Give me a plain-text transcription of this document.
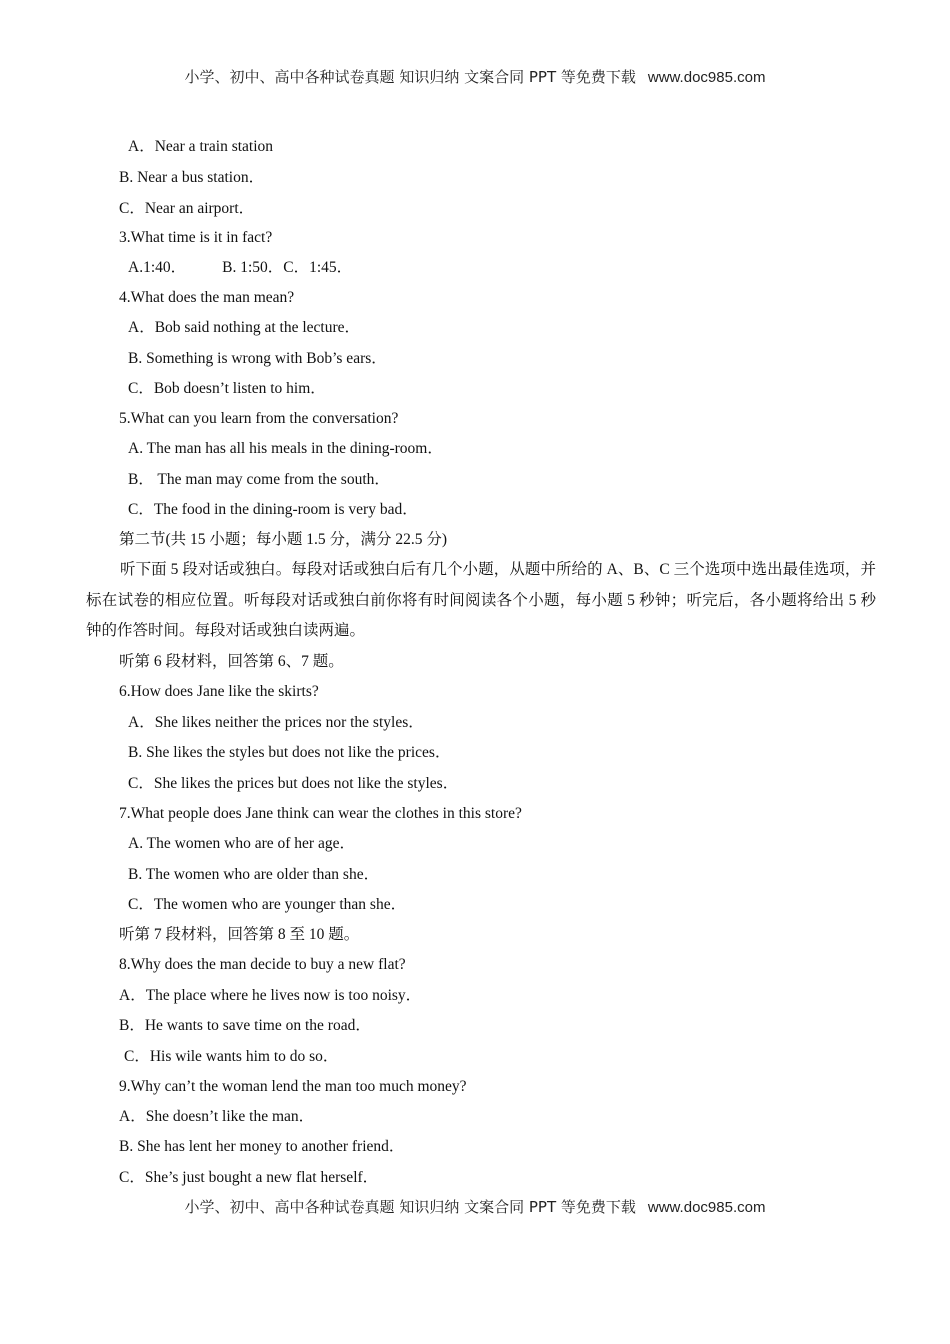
小学、初中、高中各种试卷真题 知识归纳 文案合同 PPT 等免费下载 www.doc985.com
A．Near a train station
B. Near a bus station．
C．Near an airport．
3.What time is it in fact?
A.1:40． B. 1:50．C．1:45．
4.What does the man mean?
A．Bob said nothing at the lecture．
B. Something is wrong with Bob’s ears．
C．Bob doesn’t listen to him．
5.What can you learn from the conversation?
A. The man has all his meals in the dining-room．
B． The man may come from the south．
C．The food in the dining-room is very bad．
第二节(共 15 小题；每小题 1.5 分，满分 22.5 分)
听下面 5 段对话或独白。每段对话或独白后有几个小题，从题中所给的 A、B、C 三个选项中选出最佳选项，并标在试卷的相应位置。听每段对话或独白前你将有时间阅读各个小题，每小题 5 秒钟；听完后，各小题将给出 5 秒钟的作答时间。每段对话或独白读两遍。
听第 6 段材料，回答第 6、7 题。
6.How does Jane like the skirts?
A．She likes neither the prices nor the styles．
B. She likes the styles but does not like the prices．
C．She likes the prices but does not like the styles．
7.What people does Jane think can wear the clothes in this store?
A. The women who are of her age．
B. The women who are older than she．
C．The women who are younger than she．
听第 7 段材料，回答第 8 至 10 题。
8.Why does the man decide to buy a new flat?
A．The place where he lives now is too noisy．
B．He wants to save time on the road．
C．His wile wants him to do so．
9.Why can’t the woman lend the man too much money?
A．She doesn’t like the man．
B. She has lent her money to another friend．
C．She’s just bought a new flat herself．
小学、初中、高中各种试卷真题 知识归纳 文案合同 PPT 等免费下载 www.doc985.com
